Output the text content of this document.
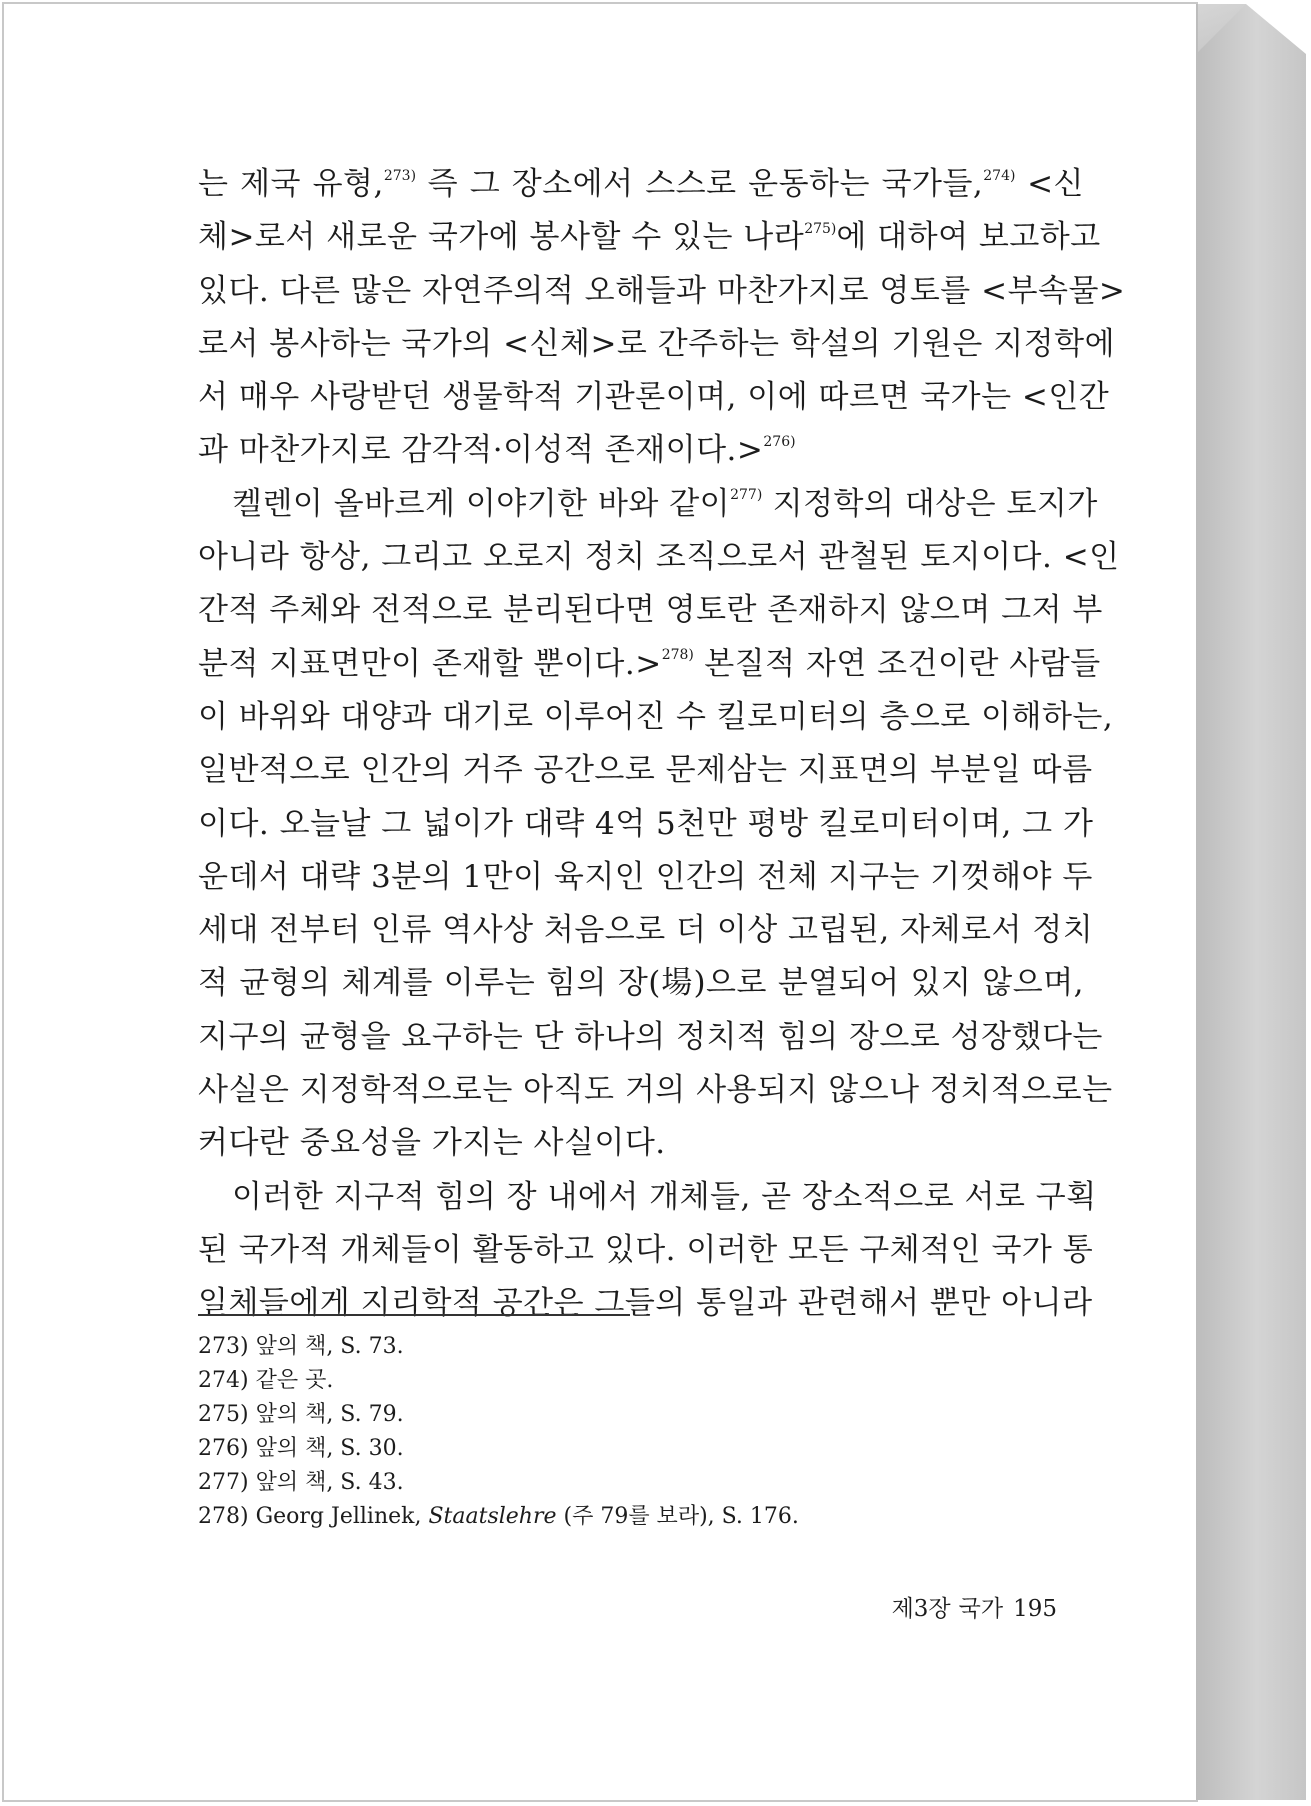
는 제국 유형,$^{273)}$ 즉 그 장소에서 스스로 운동하는 국가들,$^{274)}$ <신
체>로서 새로운 국가에 봉사할 수 있는 나라$^{275)}$에 대하여 보고하고
있다. 다른 많은 자연주의적 오해들과 마찬가지로 영토를 <부속물>
로서 봉사하는 국가의 <신체>로 간주하는 학설의 기원은 지정학에
서 매우 사랑받던 생물학적 기관론이며, 이에 따르면 국가는 <인간
과 마찬가지로 감각적·이성적 존재이다.>$^{276)}$

켈렌이 올바르게 이야기한 바와 같이$^{277)}$ 지정학의 대상은 토지가
아니라 항상, 그리고 오로지 정치 조직으로서 관철된 토지이다. <인
간적 주체와 전적으로 분리된다면 영토란 존재하지 않으며 그저 부
분적 지표면만이 존재할 뿐이다.>$^{278)}$ 본질적 자연 조건이란 사람들
이 바위와 대양과 대기로 이루어진 수 킬로미터의 층으로 이해하는,
일반적으로 인간의 거주 공간으로 문제삼는 지표면의 부분일 따름
이다. 오늘날 그 넓이가 대략 4억 5천만 평방 킬로미터이며, 그 가
운데서 대략 3분의 1만이 육지인 인간의 전체 지구는 기껏해야 두
세대 전부터 인류 역사상 처음으로 더 이상 고립된, 자체로서 정치
적 균형의 체계를 이루는 힘의 장(場)으로 분열되어 있지 않으며,
지구의 균형을 요구하는 단 하나의 정치적 힘의 장으로 성장했다는
사실은 지정학적으로는 아직도 거의 사용되지 않으나 정치적으로는
커다란 중요성을 가지는 사실이다.

이러한 지구적 힘의 장 내에서 개체들, 곧 장소적으로 서로 구획
된 국가적 개체들이 활동하고 있다. 이러한 모든 구체적인 국가 통
일체들에게 지리학적 공간은 그들의 통일과 관련해서 뿐만 아니라

273) 앞의 책, S. 73.
274) 같은 곳.
275) 앞의 책, S. 79.
276) 앞의 책, S. 30.
277) 앞의 책, S. 43.
278) Georg Jellinek, Staatslehre (주 79를 보라), S. 176.
제3장 국가 195
